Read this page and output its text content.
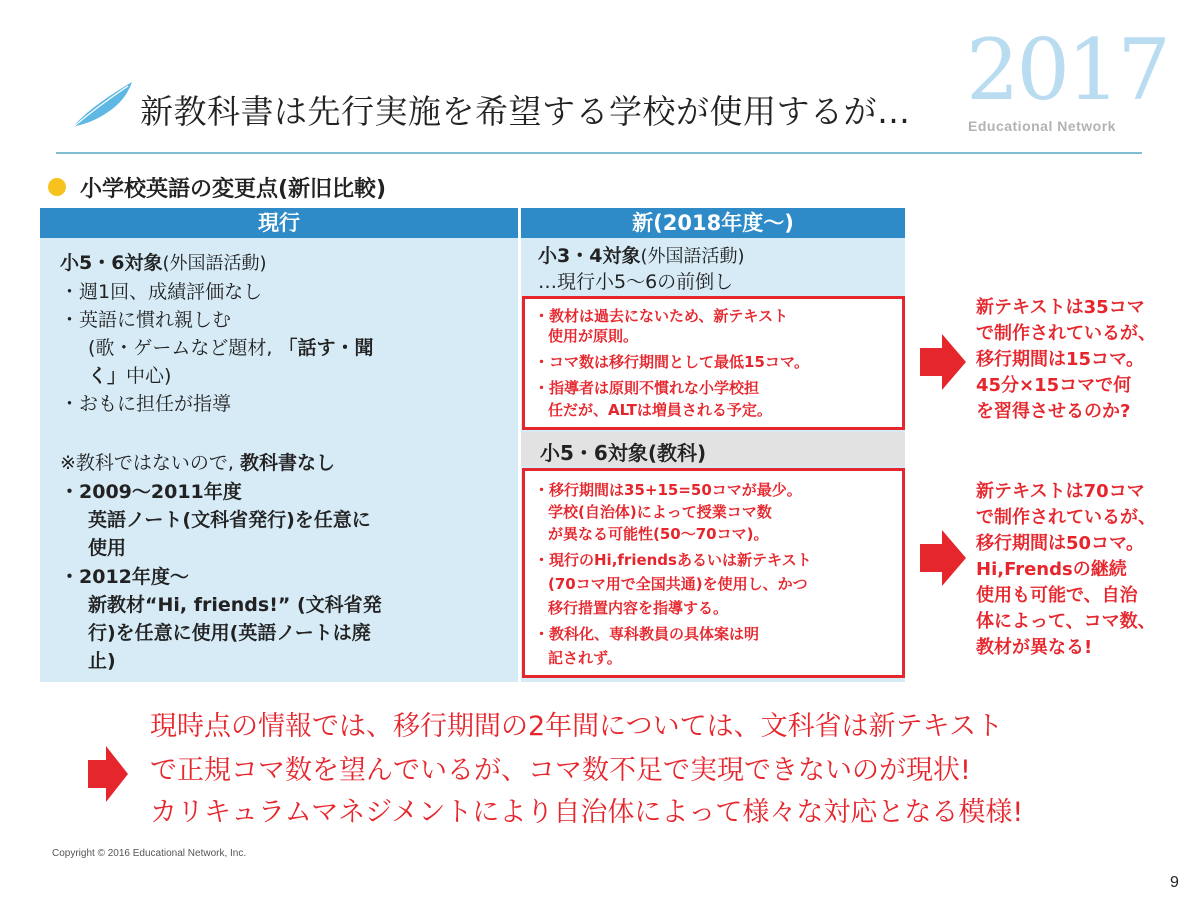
新教科書は先行実施を希望する学校が使用するが… 2017
Educational Network
小学校英語の変更点(新旧比較)
現行	新(2018年度〜)
小5・6対象(外国語活動)
・週1回、成績評価なし
・英語に慣れ親しむ
(歌・ゲームなど題材, 「話す・聞
く」中心)
・おもに担任が指導
※教科ではないので, 教科書なし
・2009〜2011年度
英語ノート(文科省発行)を任意に
使用
・2012年度〜
新教材“Hi, friends!” (文科省発
行)を任意に使用(英語ノートは廃
止)
小3・4対象(外国語活動)
…現行小5〜6の前倒し
・教材は過去にないため、新テキスト
使用が原則。
・コマ数は移行期間として最低15コマ。
・指導者は原則不慣れな小学校担
任だが、ALTは増員される予定。
小5・6対象(教科)
・移行期間は35+15=50コマが最少。
学校(自治体)によって授業コマ数
が異なる可能性(50〜70コマ)。
・現行のHi,friendsあるいは新テキスト
(70コマ用で全国共通)を使用し、かつ
移行措置内容を指導する。
・教科化、専科教員の具体案は明
記されず。
新テキストは35コマ
で制作されているが、
移行期間は15コマ。
45分×15コマで何
を習得させるのか?
新テキストは70コマ
で制作されているが、
移行期間は50コマ。
Hi,Frendsの継続
使用も可能で、自治
体によって、コマ数、
教材が異なる!
現時点の情報では、移行期間の2年間については、文科省は新テキスト
で正規コマ数を望んでいるが、コマ数不足で実現できないのが現状!
カリキュラムマネジメントにより自治体によって様々な対応となる模様!
Copyright © 2016 Educational Network, Inc.
9
